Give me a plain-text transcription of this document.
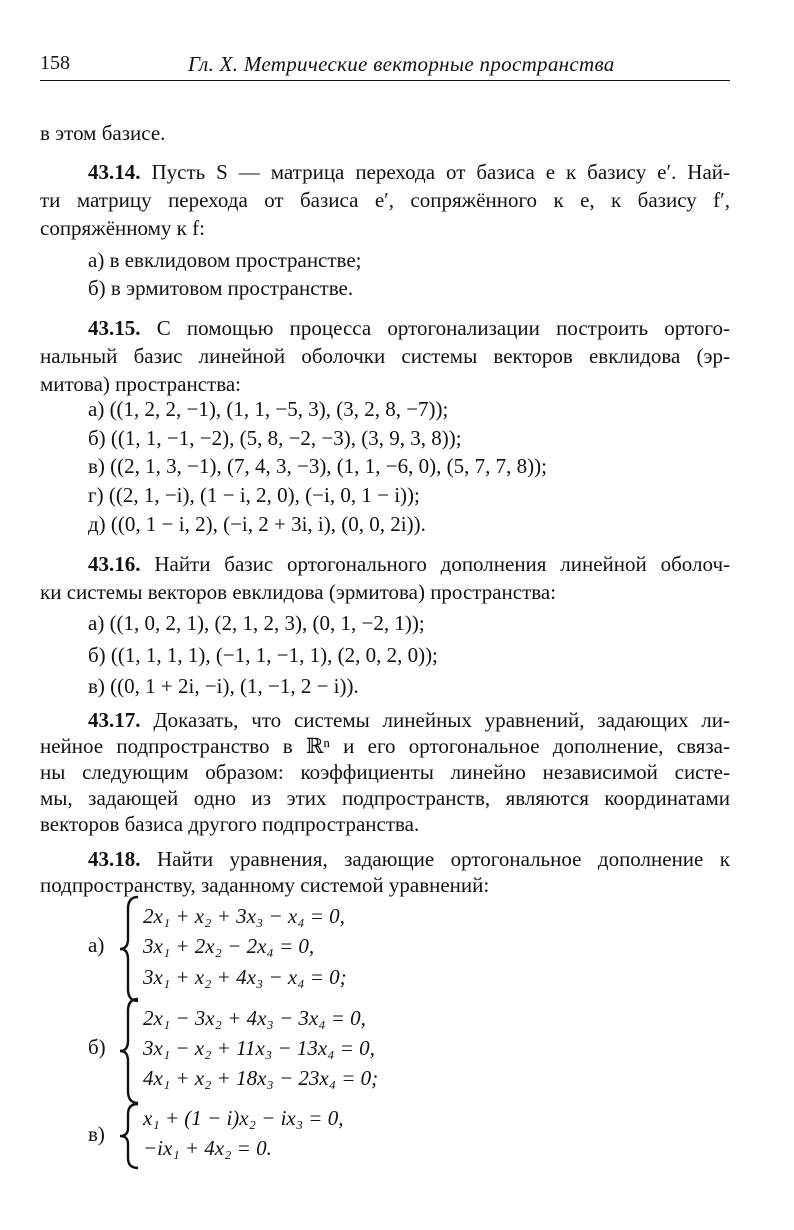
158	Гл. X. Метрические векторные пространства
в этом базисе.
43.14. Пусть S — матрица перехода от базиса e к базису e′. Най-
ти матрицу перехода от базиса e′, сопряжённого к e, к базису f′,
сопряжённому к f:
а) в евклидовом пространстве;
б) в эрмитовом пространстве.
43.15. С помощью процесса ортогонализации построить ортого-
нальный базис линейной оболочки системы векторов евклидова (эр-
митова) пространства:
а) ((1, 2, 2, −1), (1, 1, −5, 3), (3, 2, 8, −7));
б) ((1, 1, −1, −2), (5, 8, −2, −3), (3, 9, 3, 8));
в) ((2, 1, 3, −1), (7, 4, 3, −3), (1, 1, −6, 0), (5, 7, 7, 8));
г) ((2, 1, −i), (1 − i, 2, 0), (−i, 0, 1 − i));
д) ((0, 1 − i, 2), (−i, 2 + 3i, i), (0, 0, 2i)).
43.16. Найти базис ортогонального дополнения линейной оболоч-
ки системы векторов евклидова (эрмитова) пространства:
а) ((1, 0, 2, 1), (2, 1, 2, 3), (0, 1, −2, 1));
б) ((1, 1, 1, 1), (−1, 1, −1, 1), (2, 0, 2, 0));
в) ((0, 1 + 2i, −i), (1, −1, 2 − i)).
43.17. Доказать, что системы линейных уравнений, задающих ли-
нейное подпространство в ℝⁿ и его ортогональное дополнение, связа-
ны следующим образом: коэффициенты линейно независимой систе-
мы, задающей одно из этих подпространств, являются координатами
векторов базиса другого подпространства.
43.18. Найти уравнения, задающие ортогональное дополнение к
подпространству, заданному системой уравнений:
а)
2x₁ + x₂ + 3x₃ − x₄ = 0,
3x₁ + 2x₂ − 2x₄ = 0,
3x₁ + x₂ + 4x₃ − x₄ = 0;
б)
2x₁ − 3x₂ + 4x₃ − 3x₄ = 0,
3x₁ − x₂ + 11x₃ − 13x₄ = 0,
4x₁ + x₂ + 18x₃ − 23x₄ = 0;
в)
x₁ + (1 − i)x₂ − ix₃ = 0,
−ix₁ + 4x₂ = 0.
